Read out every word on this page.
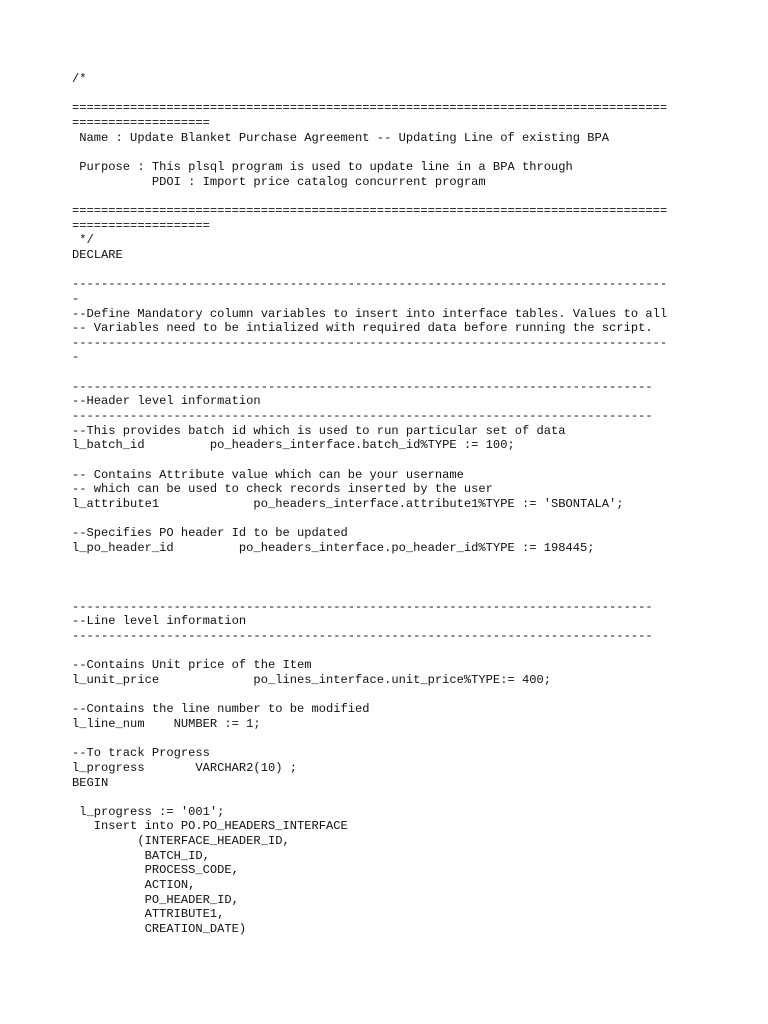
/*
==================================================================================
===================
Name : Update Blanket Purchase Agreement -- Updating Line of existing BPA
Purpose : This plsql program is used to update line in a BPA through
PDOI : Import price catalog concurrent program
==================================================================================
===================
*/
DECLARE
----------------------------------------------------------------------------------
-
--Define Mandatory column variables to insert into interface tables. Values to all
-- Variables need to be intialized with required data before running the script.
----------------------------------------------------------------------------------
-
--------------------------------------------------------------------------------
--Header level information
--------------------------------------------------------------------------------
--This provides batch id which is used to run particular set of data
l_batch_id         po_headers_interface.batch_id%TYPE := 100;
-- Contains Attribute value which can be your username
-- which can be used to check records inserted by the user
l_attribute1             po_headers_interface.attribute1%TYPE := 'SBONTALA';
--Specifies PO header Id to be updated
l_po_header_id         po_headers_interface.po_header_id%TYPE := 198445;
--------------------------------------------------------------------------------
--Line level information
--------------------------------------------------------------------------------
--Contains Unit price of the Item
l_unit_price             po_lines_interface.unit_price%TYPE:= 400;
--Contains the line number to be modified
l_line_num    NUMBER := 1;
--To track Progress
l_progress       VARCHAR2(10) ;
BEGIN
l_progress := '001';
Insert into PO.PO_HEADERS_INTERFACE
(INTERFACE_HEADER_ID,
BATCH_ID,
PROCESS_CODE,
ACTION,
PO_HEADER_ID,
ATTRIBUTE1,
CREATION_DATE)
